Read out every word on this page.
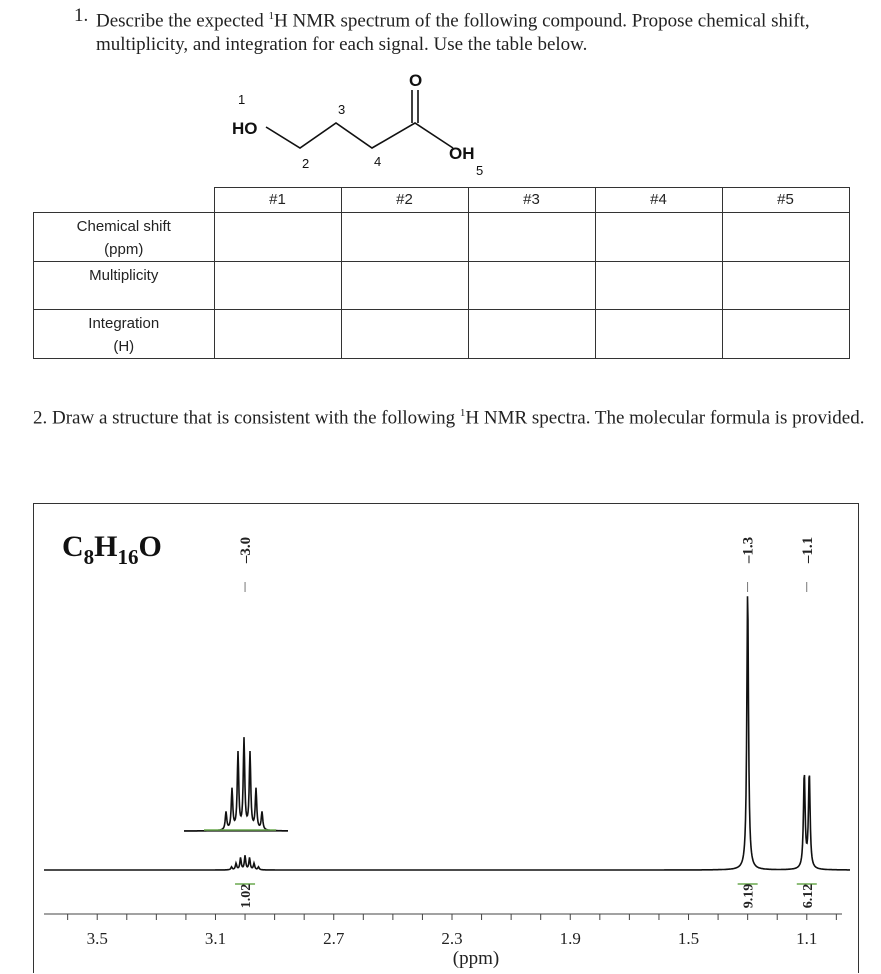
1. Describe the expected $^1$H NMR spectrum of the following compound. Propose chemical shift, multiplicity, and integration for each signal. Use the table below.
HO
OH
O
1
2
3
4
5
	#1	#2	#3	#4	#5

Chemical shift
(ppm)					

Multiplicity					

Integration
(H)					

2. Draw a structure that is consistent with the following $^1$H NMR spectra. The molecular formula is provided.
$C_8H_{16}O$	–3.0
1.02
–1.3
9.19
–1.1
6.12
3.5	3.1	2.7	2.3	1.9	1.5	1.1
(ppm)
